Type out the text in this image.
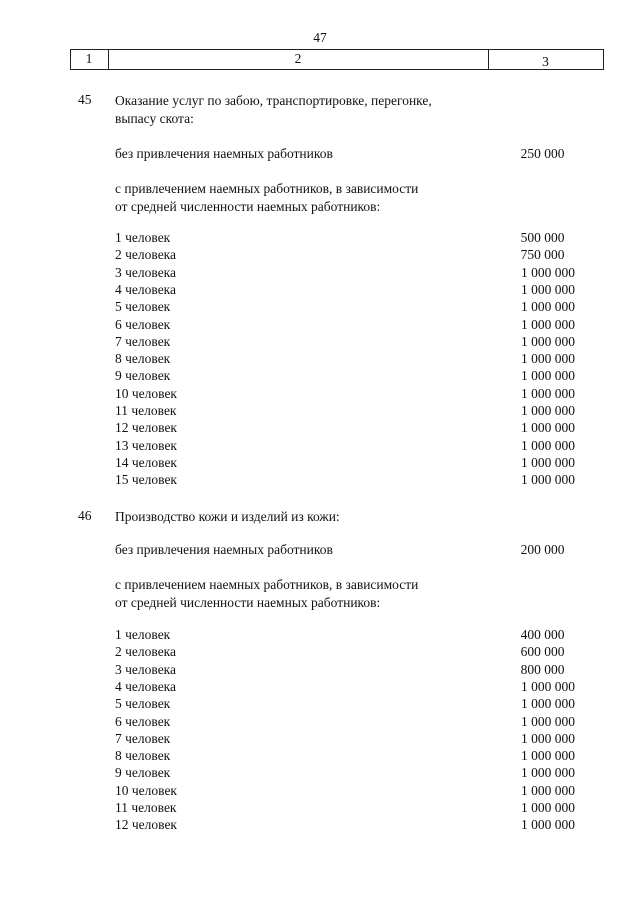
47
1	2	3
45 Оказание услуг по забою, транспортировке, перегонке,
выпасу скота:
без привлечения наемных работников	250 000
с привлечением наемных работников, в зависимости
от средней численности наемных работников:
1 человек	500 000
2 человека	750 000
3 человека	1 000 000
4 человека	1 000 000
5 человек	1 000 000
6 человек	1 000 000
7 человек	1 000 000
8 человек	1 000 000
9 человек	1 000 000
10 человек	1 000 000
11 человек	1 000 000
12 человек	1 000 000
13 человек	1 000 000
14 человек	1 000 000
15 человек	1 000 000
46 Производство кожи и изделий из кожи:
без привлечения наемных работников	200 000
с привлечением наемных работников, в зависимости
от средней численности наемных работников:
1 человек	400 000
2 человека	600 000
3 человека	800 000
4 человека	1 000 000
5 человек	1 000 000
6 человек	1 000 000
7 человек	1 000 000
8 человек	1 000 000
9 человек	1 000 000
10 человек	1 000 000
11 человек	1 000 000
12 человек	1 000 000
